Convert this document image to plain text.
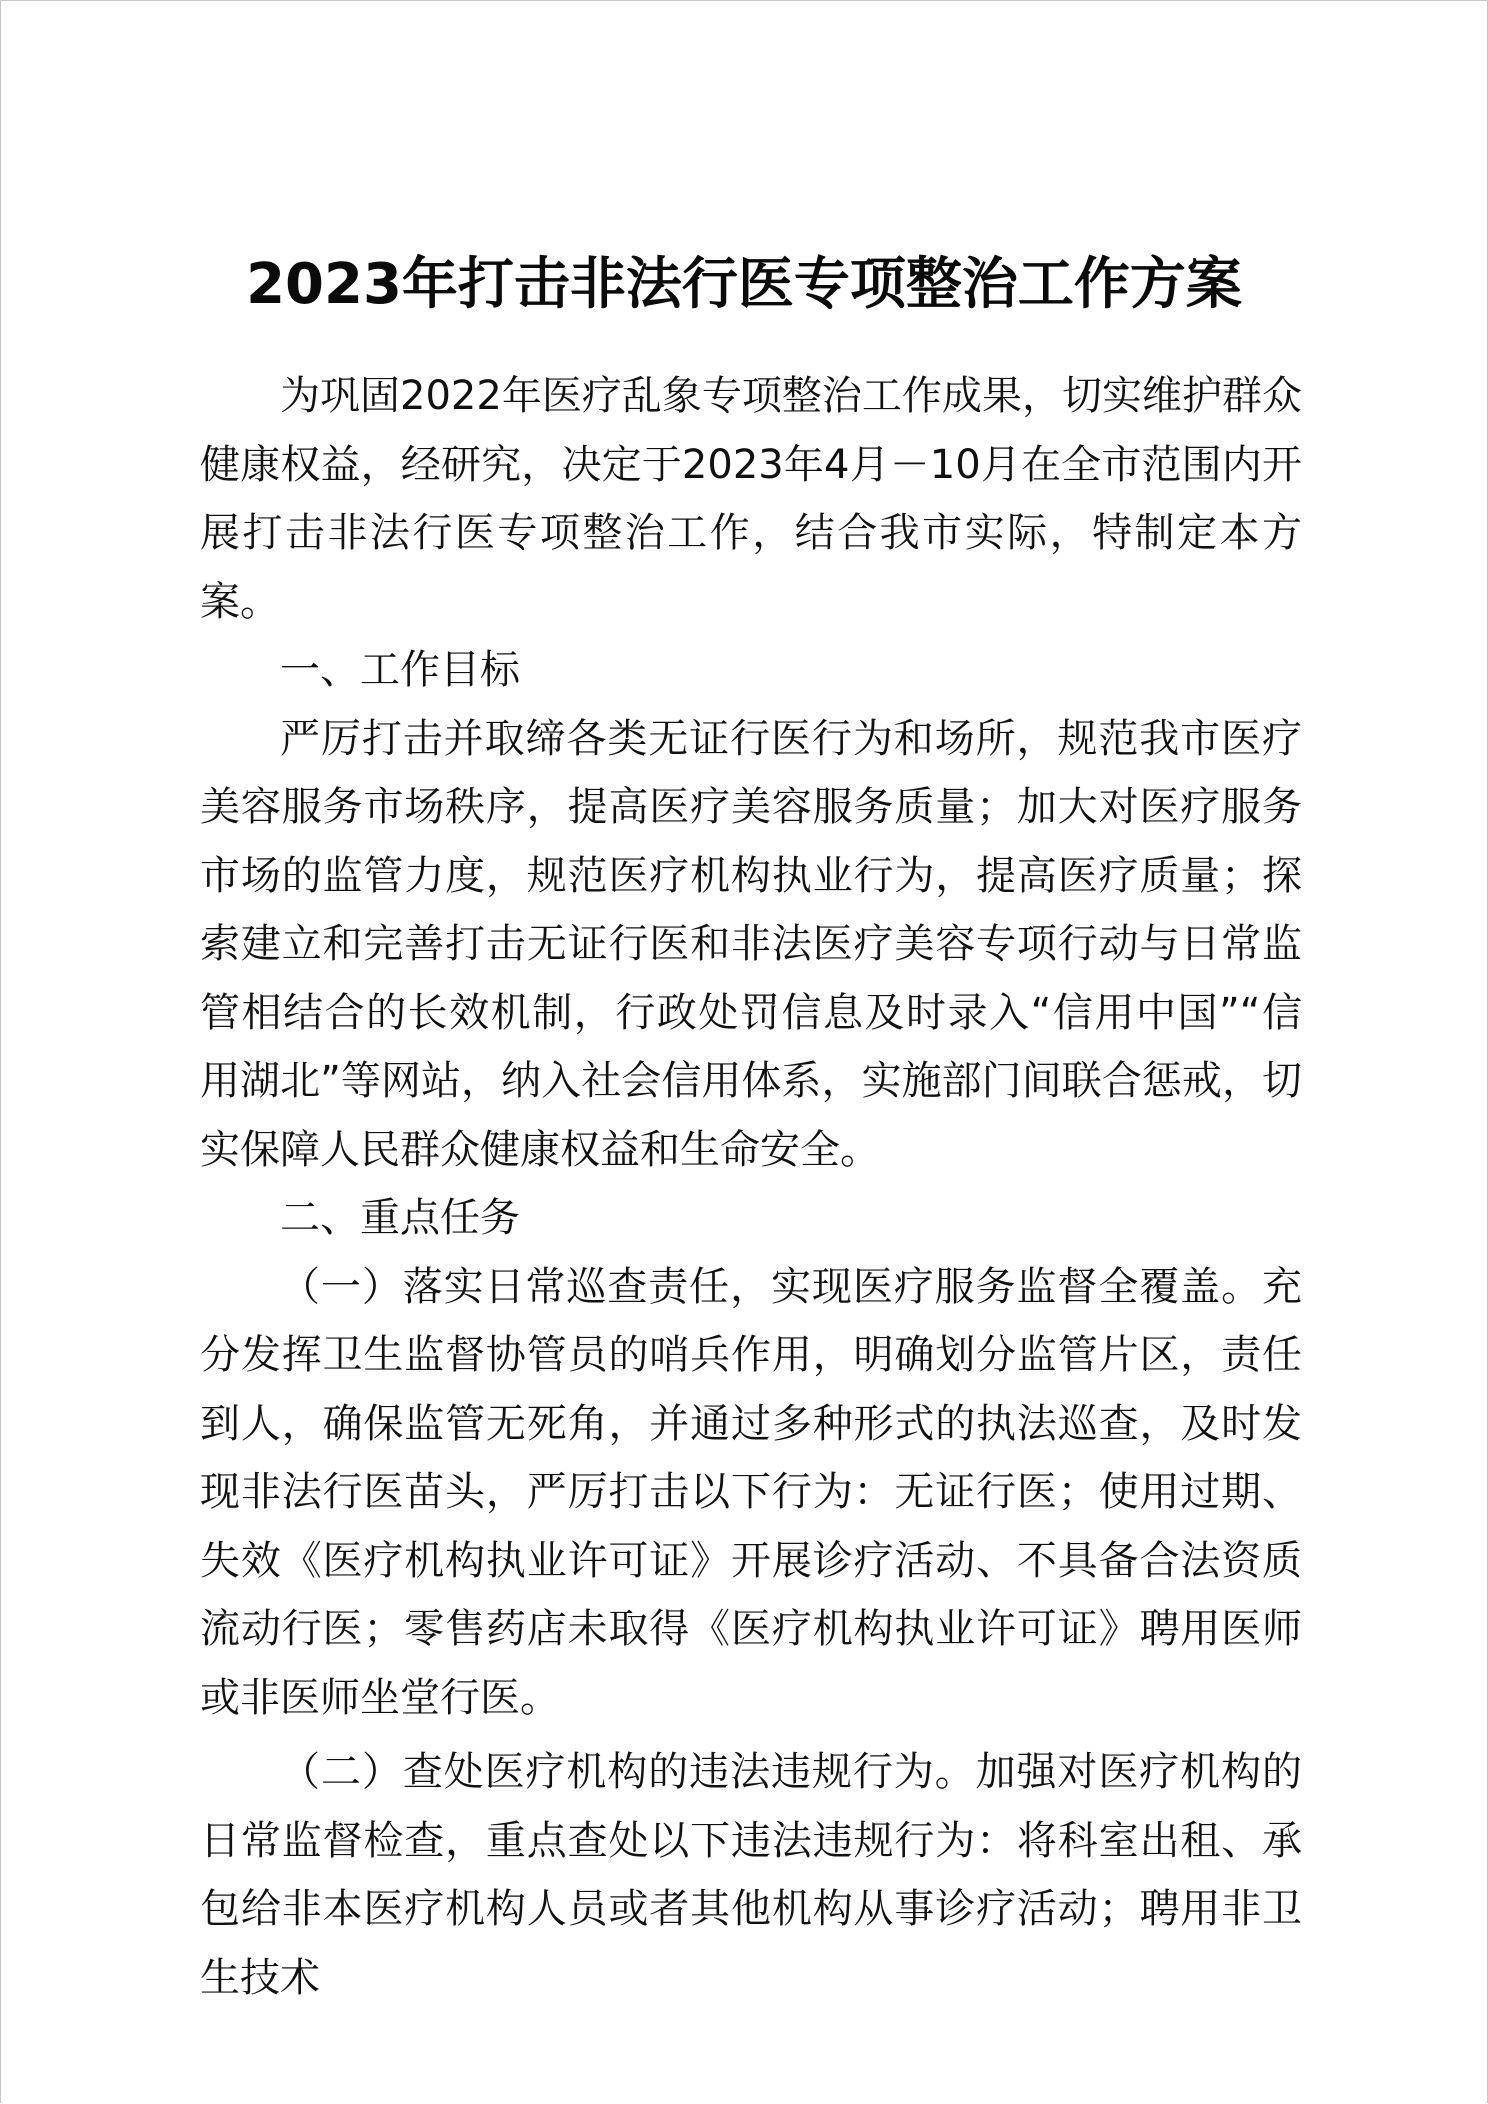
2023年打击非法行医专项整治工作方案

为巩固2022年医疗乱象专项整治工作成果，切实维护群众健康权益，经研究，决定于2023年4月－10月在全市范围内开展打击非法行医专项整治工作，结合我市实际，特制定本方案。

一、工作目标

严厉打击并取缔各类无证行医行为和场所，规范我市医疗美容服务市场秩序，提高医疗美容服务质量；加大对医疗服务市场的监管力度，规范医疗机构执业行为，提高医疗质量；探索建立和完善打击无证行医和非法医疗美容专项行动与日常监管相结合的长效机制，行政处罚信息及时录入“信用中国”“信用湖北”等网站，纳入社会信用体系，实施部门间联合惩戒，切实保障人民群众健康权益和生命安全。

二、重点任务

（一）落实日常巡查责任，实现医疗服务监督全覆盖。充分发挥卫生监督协管员的哨兵作用，明确划分监管片区，责任到人，确保监管无死角，并通过多种形式的执法巡查，及时发现非法行医苗头，严厉打击以下行为：无证行医；使用过期、失效《医疗机构执业许可证》开展诊疗活动、不具备合法资质流动行医；零售药店未取得《医疗机构执业许可证》聘用医师或非医师坐堂行医。

（二）查处医疗机构的违法违规行为。加强对医疗机构的日常监督检查，重点查处以下违法违规行为：将科室出租、承包给非本医疗机构人员或者其他机构从事诊疗活动；聘用非卫生技术
